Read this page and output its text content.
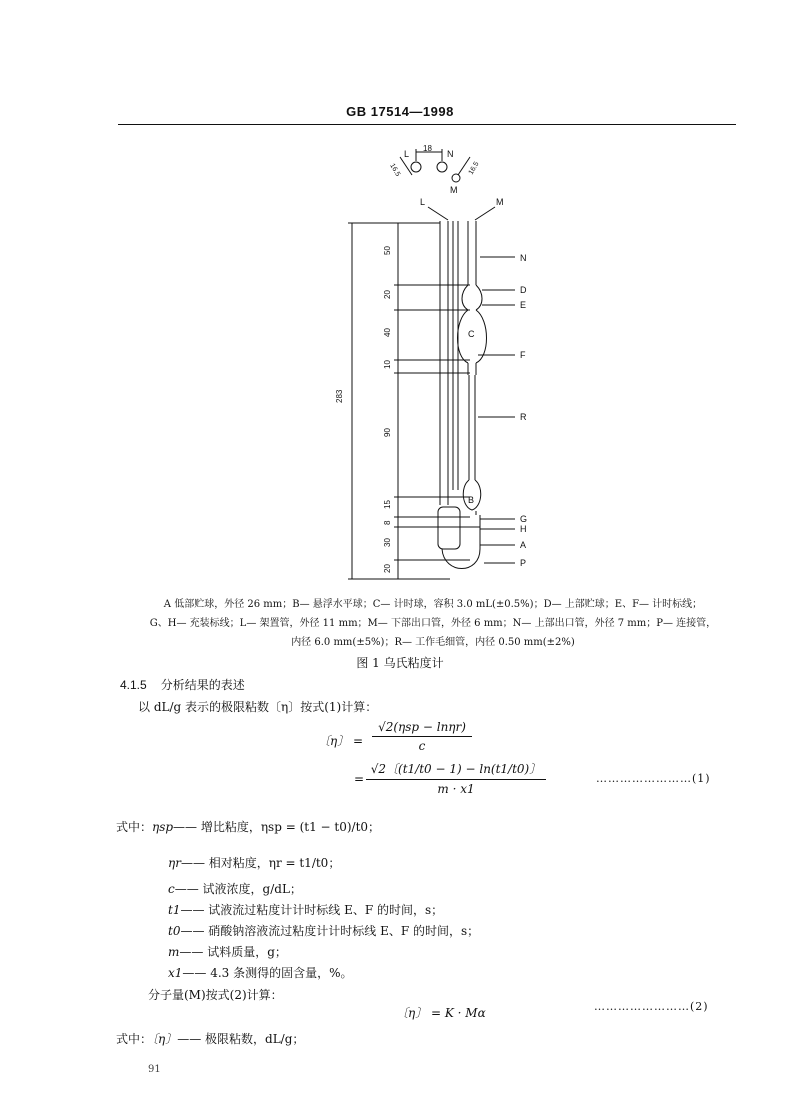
GB 17514—1998
L	N
M
18
16.5	16.5
L	M
N
D
E
C
F
R
B
G
H
A
P
283
50
20
40
10
90
15
8
30
20
A 低部贮球，外径 26 mm；B— 悬浮水平球；C— 计时球，容积 3.0 mL(±0.5%)；D— 上部贮球；E、F— 计时标线；
G、H— 充装标线；L— 架置管，外径 11 mm；M— 下部出口管，外径 6 mm；N— 上部出口管，外径 7 mm；P— 连接管，
内径 6.0 mm(±5%)；R— 工作毛细管，内径 0.50 mm(±2%)
图 1 乌氏粘度计
4.1.5 分析结果的表述
以 dL/g 表示的极限粘数〔η〕按式(1)计算：
〔η〕 =
√2(ηsp − lnηr)
c
=
√2〔(t1/t0 − 1) − ln(t1/t0)〕
m · x1
……………………(1)
式中：ηsp—— 增比粘度，ηsp = (t1 − t0)/t0；
ηr—— 相对粘度，ηr = t1/t0；
c—— 试液浓度，g/dL；
t1—— 试液流过粘度计计时标线 E、F 的时间，s；
t0—— 硝酸钠溶液流过粘度计计时标线 E、F 的时间，s；
m—— 试料质量，g；
x1—— 4.3 条测得的固含量，%。
分子量(M)按式(2)计算：
〔η〕 = K · Mα	……………………(2)
式中：〔η〕—— 极限粘数，dL/g；
91
